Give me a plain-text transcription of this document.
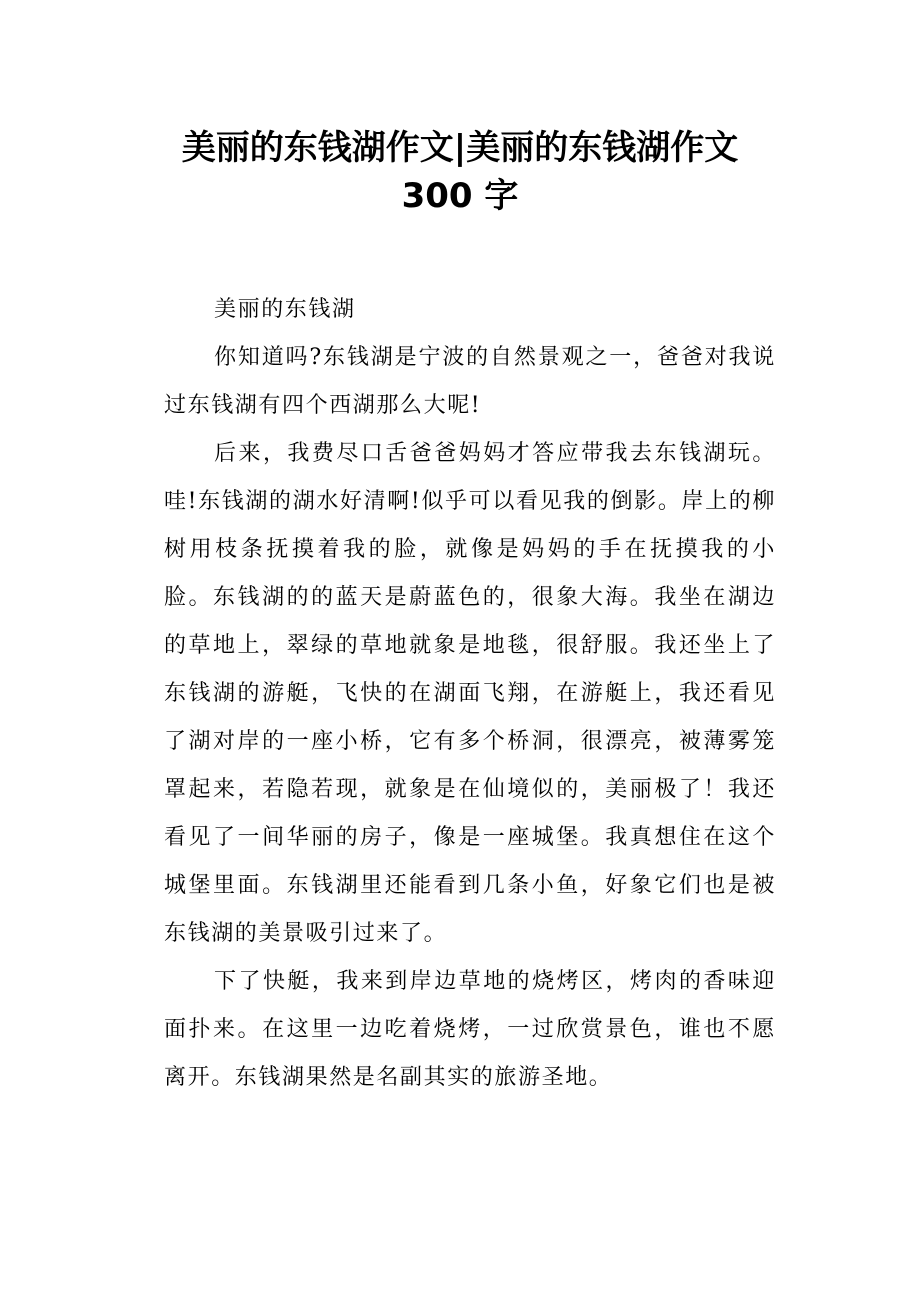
美丽的东钱湖作文|美丽的东钱湖作文
300 字

美丽的东钱湖

你知道吗?东钱湖是宁波的自然景观之一，爸爸对我说过东钱湖有四个西湖那么大呢!

后来，我费尽口舌爸爸妈妈才答应带我去东钱湖玩。哇!东钱湖的湖水好清啊!似乎可以看见我的倒影。岸上的柳树用枝条抚摸着我的脸，就像是妈妈的手在抚摸我的小脸。东钱湖的的蓝天是蔚蓝色的，很象大海。我坐在湖边的草地上，翠绿的草地就象是地毯，很舒服。我还坐上了东钱湖的游艇，飞快的在湖面飞翔，在游艇上，我还看见了湖对岸的一座小桥，它有多个桥洞，很漂亮，被薄雾笼罩起来，若隐若现，就象是在仙境似的，美丽极了！我还看见了一间华丽的房子，像是一座城堡。我真想住在这个城堡里面。东钱湖里还能看到几条小鱼，好象它们也是被东钱湖的美景吸引过来了。

下了快艇，我来到岸边草地的烧烤区，烤肉的香味迎面扑来。在这里一边吃着烧烤，一过欣赏景色，谁也不愿离开。东钱湖果然是名副其实的旅游圣地。
